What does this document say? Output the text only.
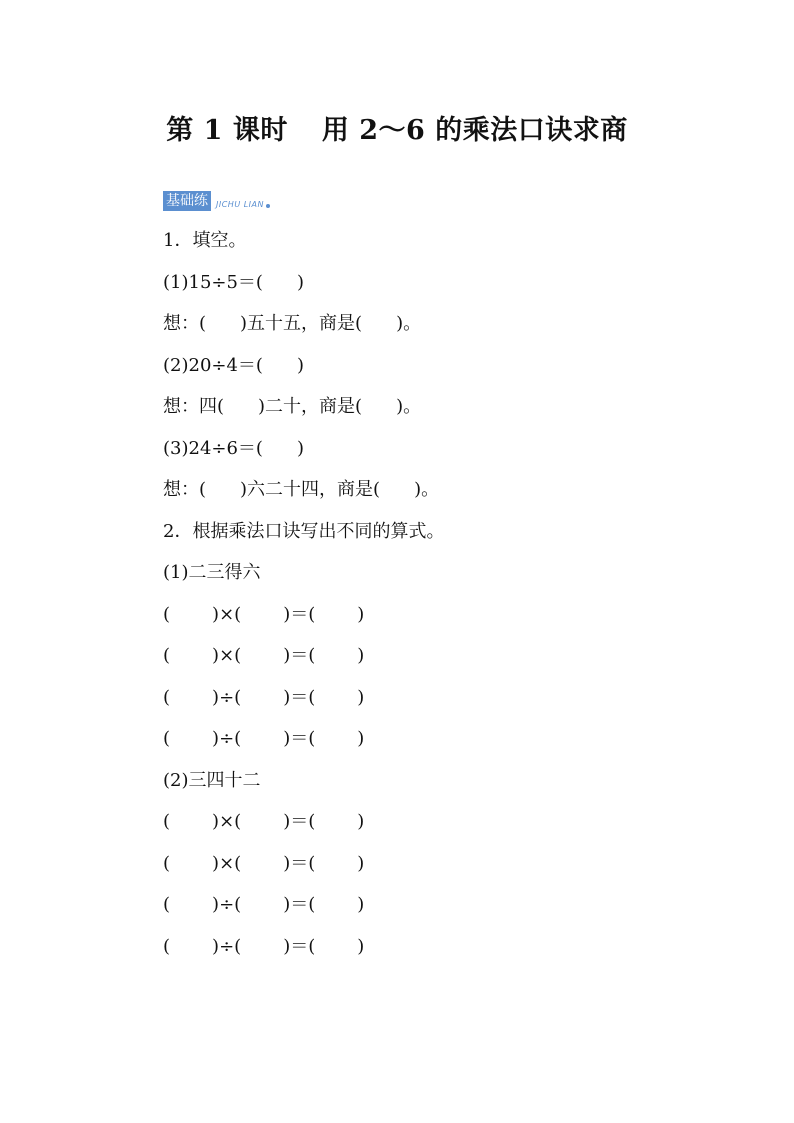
第 1 课时 用 2～6 的乘法口诀求商
基础练	JICHU LIAN
1．填空。
(1)15÷5＝( )
想：( )五十五，商是( )。
(2)20÷4＝( )
想：四( )二十，商是( )。
(3)24÷6＝( )
想：( )六二十四，商是( )。
2．根据乘法口诀写出不同的算式。
(1)二三得六
( )×( )＝( )
( )×( )＝( )
( )÷( )＝( )
( )÷( )＝( )
(2)三四十二
( )×( )＝( )
( )×( )＝( )
( )÷( )＝( )
( )÷( )＝( )
